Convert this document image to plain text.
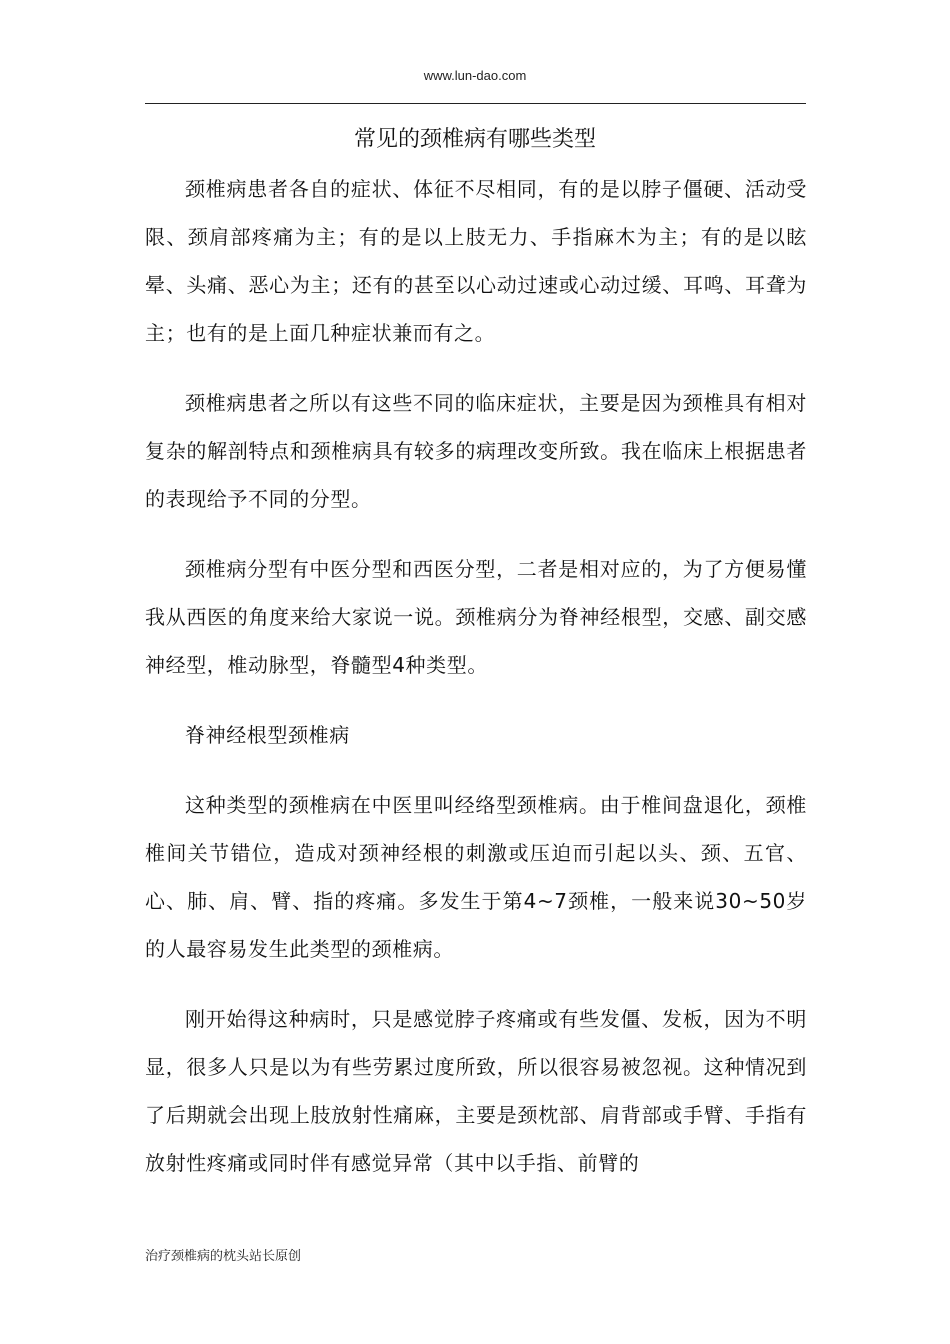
www.lun-dao.com
常见的颈椎病有哪些类型

颈椎病患者各自的症状、体征不尽相同，有的是以脖子僵硬、活动受限、颈肩部疼痛为主；有的是以上肢无力、手指麻木为主；有的是以眩晕、头痛、恶心为主；还有的甚至以心动过速或心动过缓、耳鸣、耳聋为主；也有的是上面几种症状兼而有之。

颈椎病患者之所以有这些不同的临床症状，主要是因为颈椎具有相对复杂的解剖特点和颈椎病具有较多的病理改变所致。我在临床上根据患者的表现给予不同的分型。

颈椎病分型有中医分型和西医分型，二者是相对应的，为了方便易懂我从西医的角度来给大家说一说。颈椎病分为脊神经根型，交感、副交感神经型，椎动脉型，脊髓型4种类型。

脊神经根型颈椎病

这种类型的颈椎病在中医里叫经络型颈椎病。由于椎间盘退化，颈椎椎间关节错位，造成对颈神经根的刺激或压迫而引起以头、颈、五官、心、肺、肩、臂、指的疼痛。多发生于第4~7颈椎，一般来说30~50岁的人最容易发生此类型的颈椎病。

刚开始得这种病时，只是感觉脖子疼痛或有些发僵、发板，因为不明显，很多人只是以为有些劳累过度所致，所以很容易被忽视。这种情况到了后期就会出现上肢放射性痛麻，主要是颈枕部、肩背部或手臂、手指有放射性疼痛或同时伴有感觉异常（其中以手指、前臂的

治疗颈椎病的枕头站长原创
